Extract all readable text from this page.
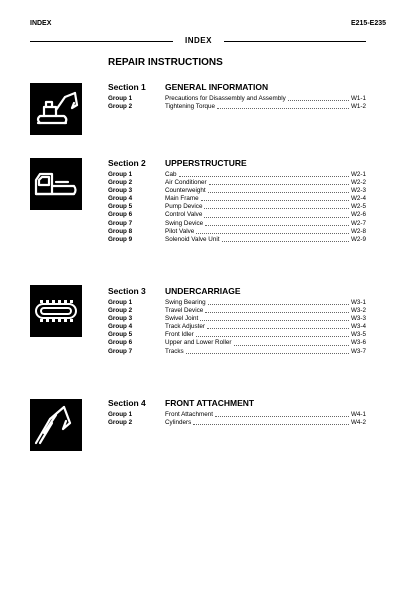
INDEX	E215-E235
INDEX
REPAIR INSTRUCTIONS
Section 1 GENERAL INFORMATION
Group 1	Precautions for Disassembly and Assembly	W1-1
Group 2	Tightening Torque	W1-2
Section 2 UPPERSTRUCTURE
Group 1	Cab	W2-1
Group 2	Air Conditioner	W2-2
Group 3	Counterweight	W2-3
Group 4	Main Frame	W2-4
Group 5	Pump Device	W2-5
Group 6	Control Valve	W2-6
Group 7	Swing Device	W2-7
Group 8	Pilot Valve	W2-8
Group 9	Solenoid Valve Unit	W2-9
Section 3 UNDERCARRIAGE
Group 1	Swing Bearing	W3-1
Group 2	Travel Device	W3-2
Group 3	Swivel Joint	W3-3
Group 4	Track Adjuster	W3-4
Group 5	Front Idler	W3-5
Group 6	Upper and Lower Roller	W3-6
Group 7	Tracks	W3-7
Section 4 FRONT ATTACHMENT
Group 1	Front Attachment	W4-1
Group 2	Cylinders	W4-2
